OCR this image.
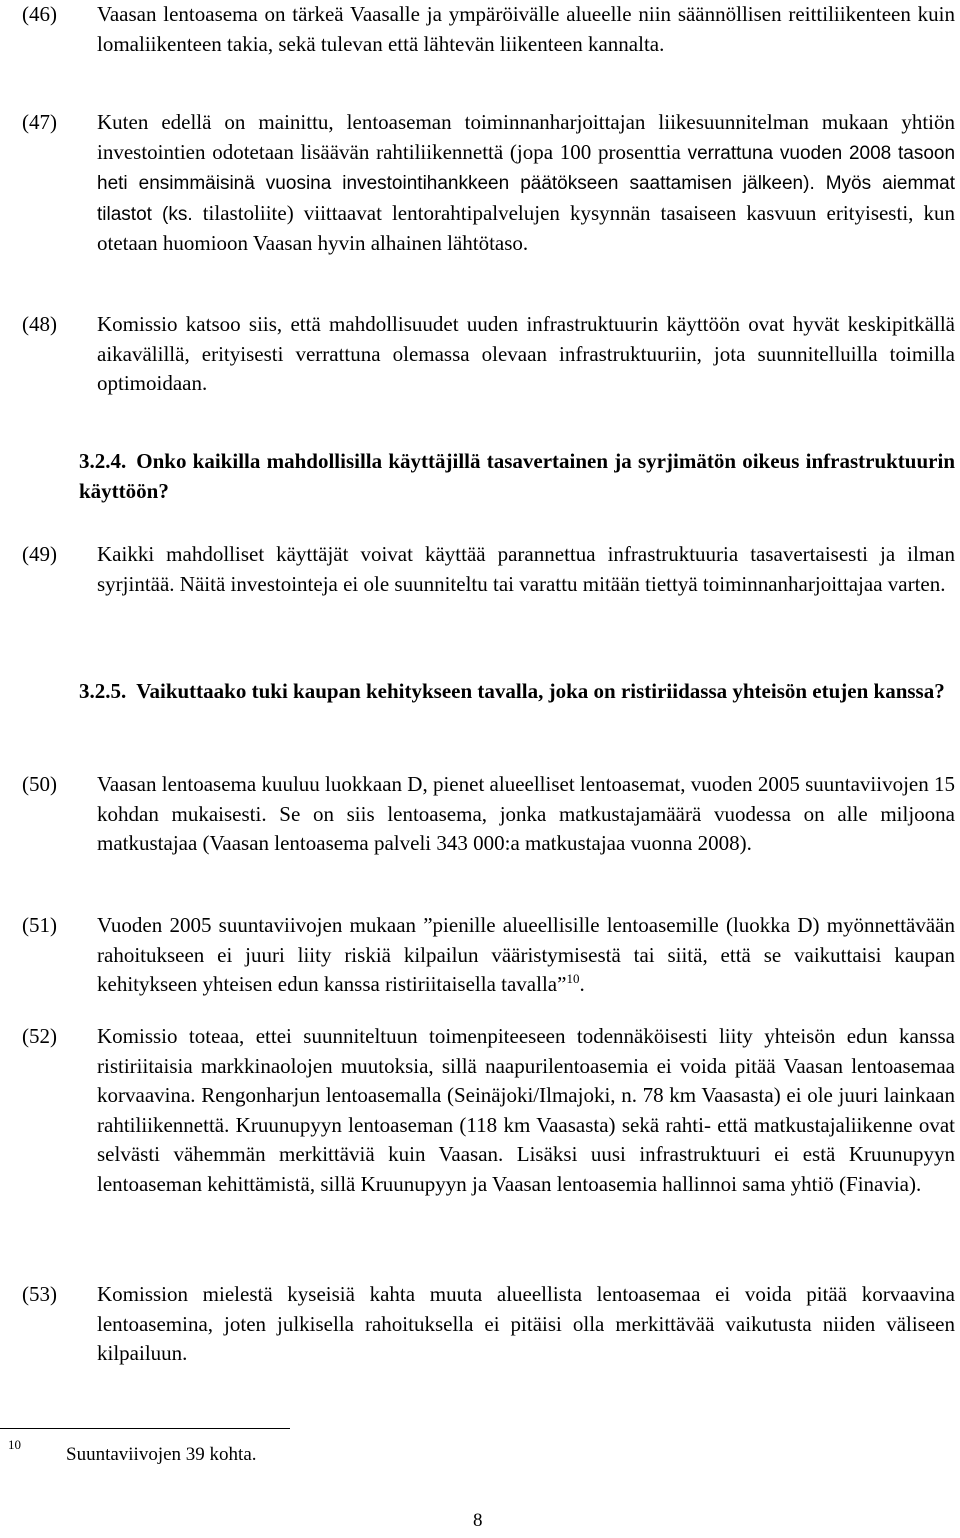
(46) Vaasan lentoasema on tärkeä Vaasalle ja ympäröivälle alueelle niin säännöllisen reittiliikenteen kuin lomaliikenteen takia, sekä tulevan että lähtevän liikenteen kannalta.
(47) Kuten edellä on mainittu, lentoaseman toiminnanharjoittajan liikesuunnitelman mukaan yhtiön investointien odotetaan lisäävän rahtiliikennettä (jopa 100 prosenttia verrattuna vuoden 2008 tasoon heti ensimmäisinä vuosina investointihankkeen päätökseen saattamisen jälkeen). Myös aiemmat tilastot (ks. tilastoliite) viittaavat lentorahtipalvelujen kysynnän tasaiseen kasvuun erityisesti, kun otetaan huomioon Vaasan hyvin alhainen lähtötaso.
(48) Komissio katsoo siis, että mahdollisuudet uuden infrastruktuurin käyttöön ovat hyvät keskipitkällä aikavälillä, erityisesti verrattuna olemassa olevaan infrastruktuuriin, jota suunnitelluilla toimilla optimoidaan.
3.2.4. Onko kaikilla mahdollisilla käyttäjillä tasavertainen ja syrjimätön oikeus infrastruktuurin käyttöön?
(49) Kaikki mahdolliset käyttäjät voivat käyttää parannettua infrastruktuuria tasavertaisesti ja ilman syrjintää. Näitä investointeja ei ole suunniteltu tai varattu mitään tiettyä toiminnanharjoittajaa varten.
3.2.5. Vaikuttaako tuki kaupan kehitykseen tavalla, joka on ristiriidassa yhteisön etujen kanssa?
(50) Vaasan lentoasema kuuluu luokkaan D, pienet alueelliset lentoasemat, vuoden 2005 suuntaviivojen 15 kohdan mukaisesti. Se on siis lentoasema, jonka matkustajamäärä vuodessa on alle miljoona matkustajaa (Vaasan lentoasema palveli 343 000:a matkustajaa vuonna 2008).
(51) Vuoden 2005 suuntaviivojen mukaan ”pienille alueellisille lentoasemille (luokka D) myönnettävään rahoitukseen ei juuri liity riskiä kilpailun vääristymisestä tai siitä, että se vaikuttaisi kaupan kehitykseen yhteisen edun kanssa ristiriitaisella tavalla”$^{10}$.
(52) Komissio toteaa, ettei suunniteltuun toimenpiteeseen todennäköisesti liity yhteisön edun kanssa ristiriitaisia markkinaolojen muutoksia, sillä naapurilentoasemia ei voida pitää Vaasan lentoasemaa korvaavina. Rengonharjun lentoasemalla (Seinäjoki/Ilmajoki, n. 78 km Vaasasta) ei ole juuri lainkaan rahtiliikennettä. Kruunupyyn lentoaseman (118 km Vaasasta) sekä rahti- että matkustajaliikenne ovat selvästi vähemmän merkittäviä kuin Vaasan. Lisäksi uusi infrastruktuuri ei estä Kruunupyyn lentoaseman kehittämistä, sillä Kruunupyyn ja Vaasan lentoasemia hallinnoi sama yhtiö (Finavia).
(53) Komission mielestä kyseisiä kahta muuta alueellista lentoasemaa ei voida pitää korvaavina lentoasemina, joten julkisella rahoituksella ei pitäisi olla merkittävää vaikutusta niiden väliseen kilpailuun.
10 Suuntaviivojen 39 kohta.
8
